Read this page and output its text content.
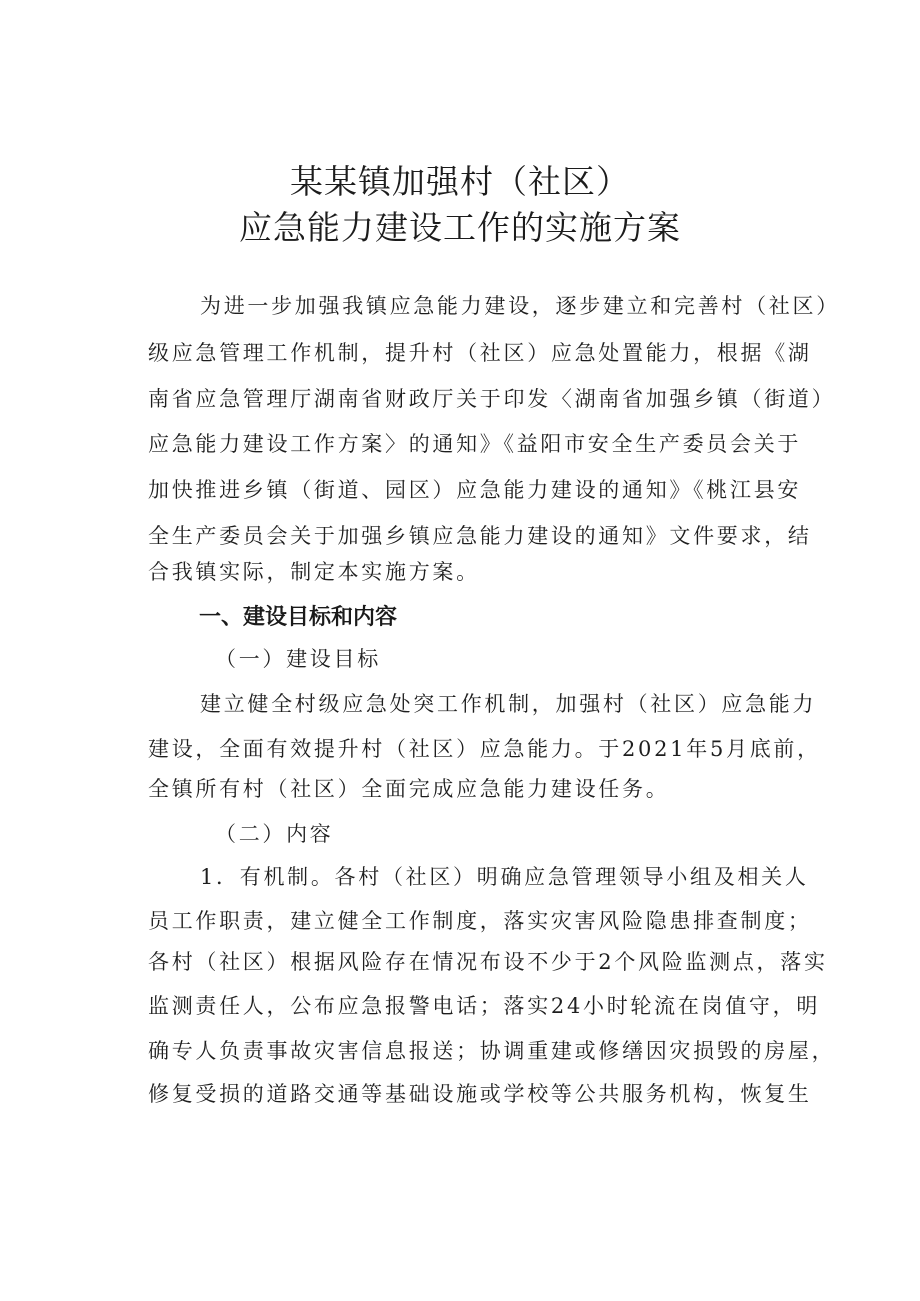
某某镇加强村（社区）
应急能力建设工作的实施方案
为进一步加强我镇应急能力建设，逐步建立和完善村（社区）
级应急管理工作机制，提升村（社区）应急处置能力，根据《湖
南省应急管理厅湖南省财政厅关于印发〈湖南省加强乡镇（街道）
应急能力建设工作方案〉的通知》《益阳市安全生产委员会关于
加快推进乡镇（街道、园区）应急能力建设的通知》《桃江县安
全生产委员会关于加强乡镇应急能力建设的通知》文件要求，结
合我镇实际，制定本实施方案。
一、建设目标和内容
（一）建设目标
建立健全村级应急处突工作机制，加强村（社区）应急能力
建设，全面有效提升村（社区）应急能力。于2021年5月底前，
全镇所有村（社区）全面完成应急能力建设任务。
（二）内容
1．有机制。各村（社区）明确应急管理领导小组及相关人
员工作职责，建立健全工作制度，落实灾害风险隐患排查制度；
各村（社区）根据风险存在情况布设不少于2个风险监测点，落实
监测责任人，公布应急报警电话；落实24小时轮流在岗值守，明
确专人负责事故灾害信息报送；协调重建或修缮因灾损毁的房屋，
修复受损的道路交通等基础设施或学校等公共服务机构，恢复生
